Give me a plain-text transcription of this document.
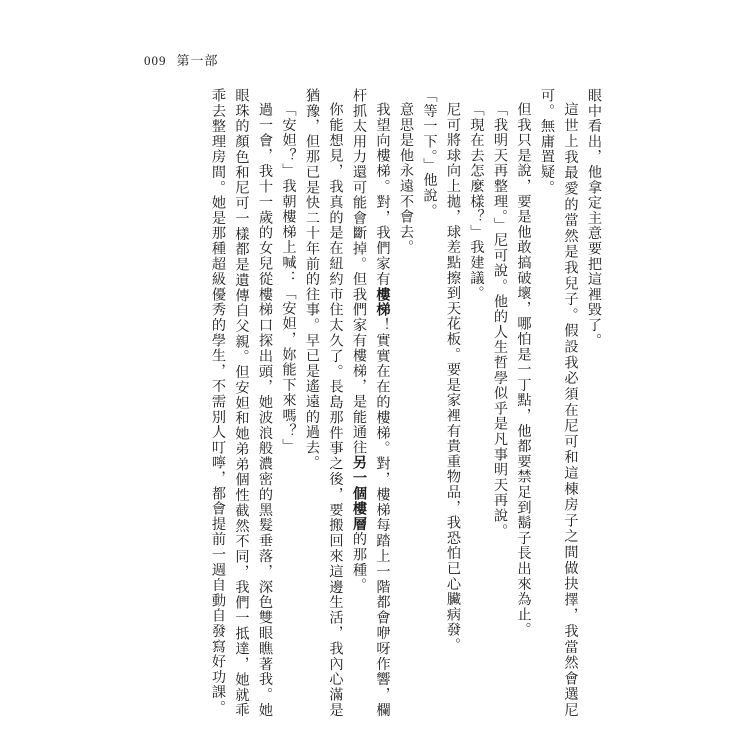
009 第一部

眼中看出，他拿定主意要把這裡毀了。

這世上我最愛的當然是我兒子。假設我必須在尼可和這棟房子之間做抉擇，我當然會選尼可。無庸置疑。

但我只是說，要是他敢搞破壞，哪怕是一丁點，他都要禁足到鬍子長出來為止。

「我明天再整理。」尼可說。他的人生哲學似乎是凡事明天再說。

「現在去怎麼樣？」我建議。

尼可將球向上拋，球差點擦到天花板。要是家裡有貴重物品，我恐怕已心臟病發。

「等一下。」他說。

意思是他永遠不會去。

我望向樓梯。對，我們家有樓梯！實實在在的樓梯。對，樓梯每踏上一階都會咿呀作響，欄杆抓太用力還可能會斷掉。但我們家有樓梯，是能通往另一個樓層的那種。

你能想見，我真的是在紐約市住太久了。長島那件事之後，要搬回來這邊生活，我內心滿是猶豫，但那已是快二十年前的往事。早已是遙遠的過去。

「安妲？」我朝樓梯上喊：「安妲，妳能下來嗎？」

過一會，我十一歲的女兒從樓梯口探出頭，她波浪般濃密的黑髮垂落，深色雙眼瞧著我。她眼珠的顏色和尼可一樣都是遺傳自父親。但安妲和她弟弟個性截然不同，我們一抵達，她就乖乖去整理房間。她是那種超級優秀的學生，不需別人叮嚀，都會提前一週自動自發寫好功課。
